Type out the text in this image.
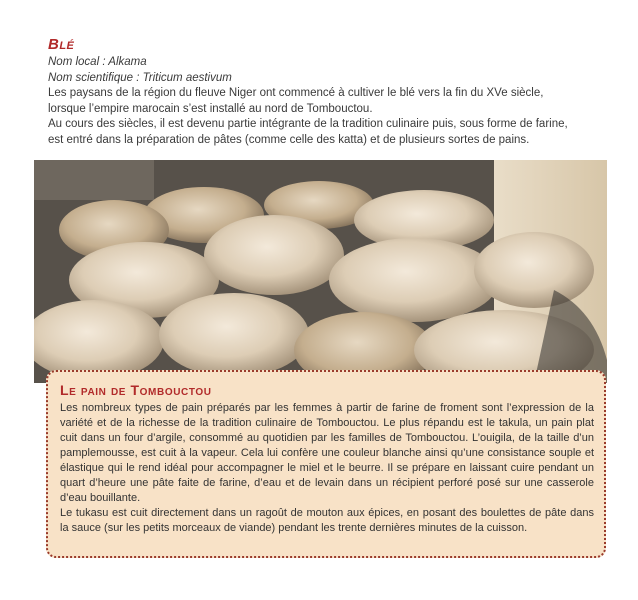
Blé
Nom local : Alkama
Nom scientifique : Triticum aestivum
Les paysans de la région du fleuve Niger ont commencé à cultiver le blé vers la fin du XVe siècle,
lorsque l’empire marocain s’est installé au nord de Tombouctou.
Au cours des siècles, il est devenu partie intégrante de la tradition culinaire puis, sous forme de farine,
est entré dans la préparation de pâtes (comme celle des katta) et de plusieurs sortes de pains.
Le pain de Tombouctou

Les nombreux types de pain préparés par les femmes à partir de farine de froment sont l’expression de la variété et de la richesse de la tradition culinaire de Tombouctou. Le plus répandu est le takula, un pain plat cuit dans un four d’argile, consommé au quotidien par les familles de Tombouctou. L’ouigila, de la taille d’un pamplemousse, est cuit à la vapeur. Cela lui confère une couleur blanche ainsi qu’une consistance souple et élastique qui le rend idéal pour accompagner le miel et le beurre. Il se prépare en laissant cuire pendant un quart d’heure une pâte faite de farine, d’eau et de levain dans un récipient perforé posé sur une casserole d’eau bouillante.

Le tukasu est cuit directement dans un ragoût de mouton aux épices, en posant des boulettes de pâte dans la sauce (sur les petits morceaux de viande) pendant les trente dernières minutes de la cuisson.
